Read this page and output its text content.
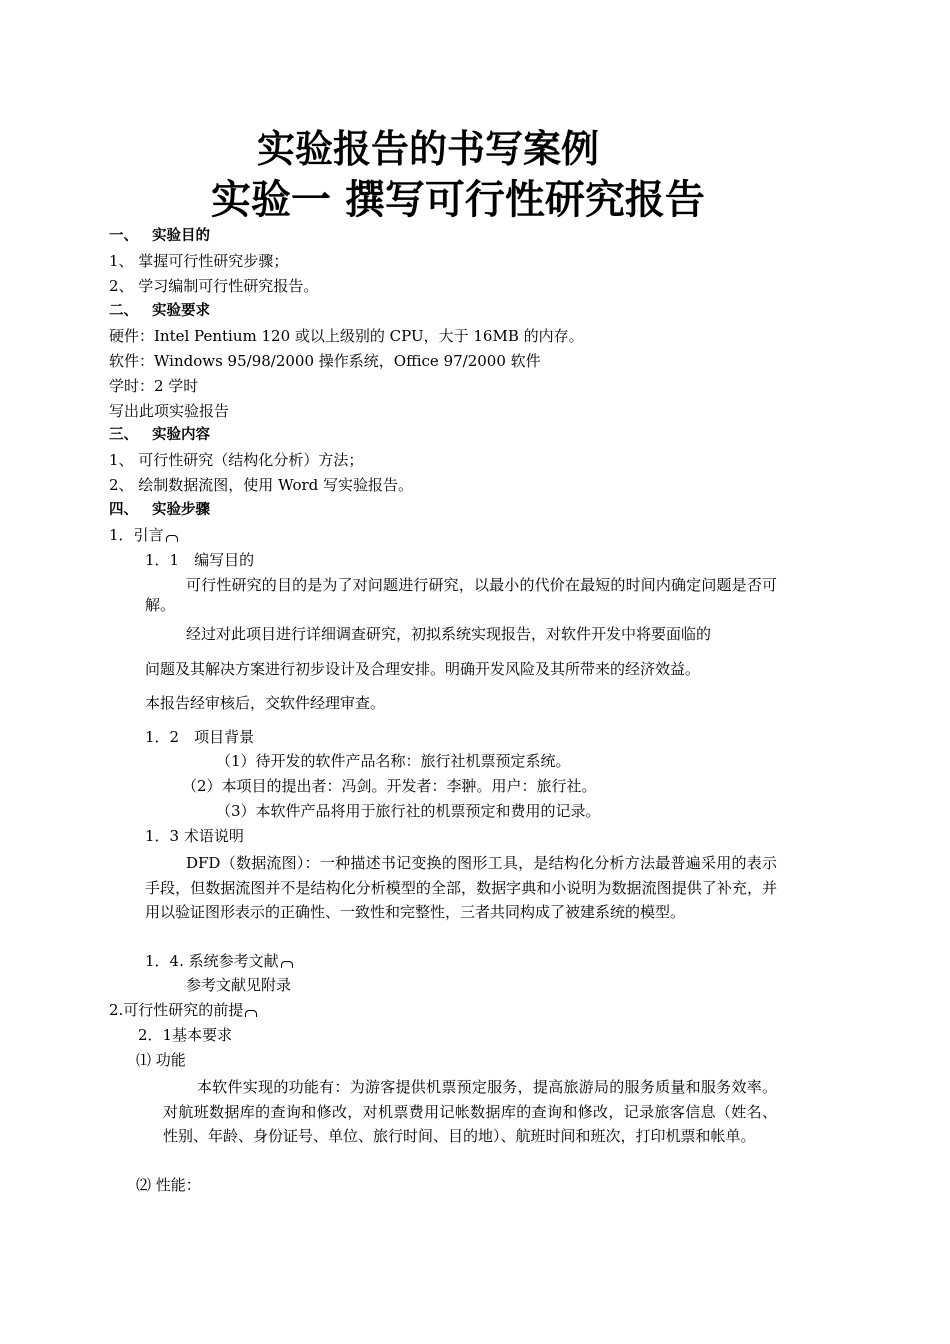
实验报告的书写案例
实验一 撰写可行性研究报告
一、 实验目的
1、 掌握可行性研究步骤；
2、 学习编制可行性研究报告。
二、 实验要求
硬件：Intel Pentium 120 或以上级别的 CPU，大于 16MB 的内存。
软件：Windows 95/98/2000 操作系统，Office 97/2000 软件
学时：2 学时
写出此项实验报告
三、 实验内容
1、 可行性研究（结构化分析）方法；
2、 绘制数据流图，使用 Word 写实验报告。
四、 实验步骤
1．引言
1．1　编写目的
可行性研究的目的是为了对问题进行研究，以最小的代价在最短的时间内确定问题是否可解。
经过对此项目进行详细调查研究，初拟系统实现报告，对软件开发中将要面临的
问题及其解决方案进行初步设计及合理安排。明确开发风险及其所带来的经济效益。
本报告经审核后，交软件经理审查。
1．2　项目背景
（1）待开发的软件产品名称：旅行社机票预定系统。
（2）本项目的提出者：冯剑。开发者：李翀。用户：旅行社。
（3）本软件产品将用于旅行社的机票预定和费用的记录。
1．3 术语说明
DFD（数据流图）：一种描述书记变换的图形工具，是结构化分析方法最普遍采用的表示手段，但数据流图并不是结构化分析模型的全部，数据字典和小说明为数据流图提供了补充，并用以验证图形表示的正确性、一致性和完整性，三者共同构成了被建系统的模型。
1．4. 系统参考文献
参考文献见附录
2.可行性研究的前提
2．1基本要求
⑴ 功能
本软件实现的功能有：为游客提供机票预定服务，提高旅游局的服务质量和服务效率。对航班数据库的查询和修改，对机票费用记帐数据库的查询和修改，记录旅客信息（姓名、性别、年龄、身份证号、单位、旅行时间、目的地）、航班时间和班次，打印机票和帐单。
⑵ 性能：
